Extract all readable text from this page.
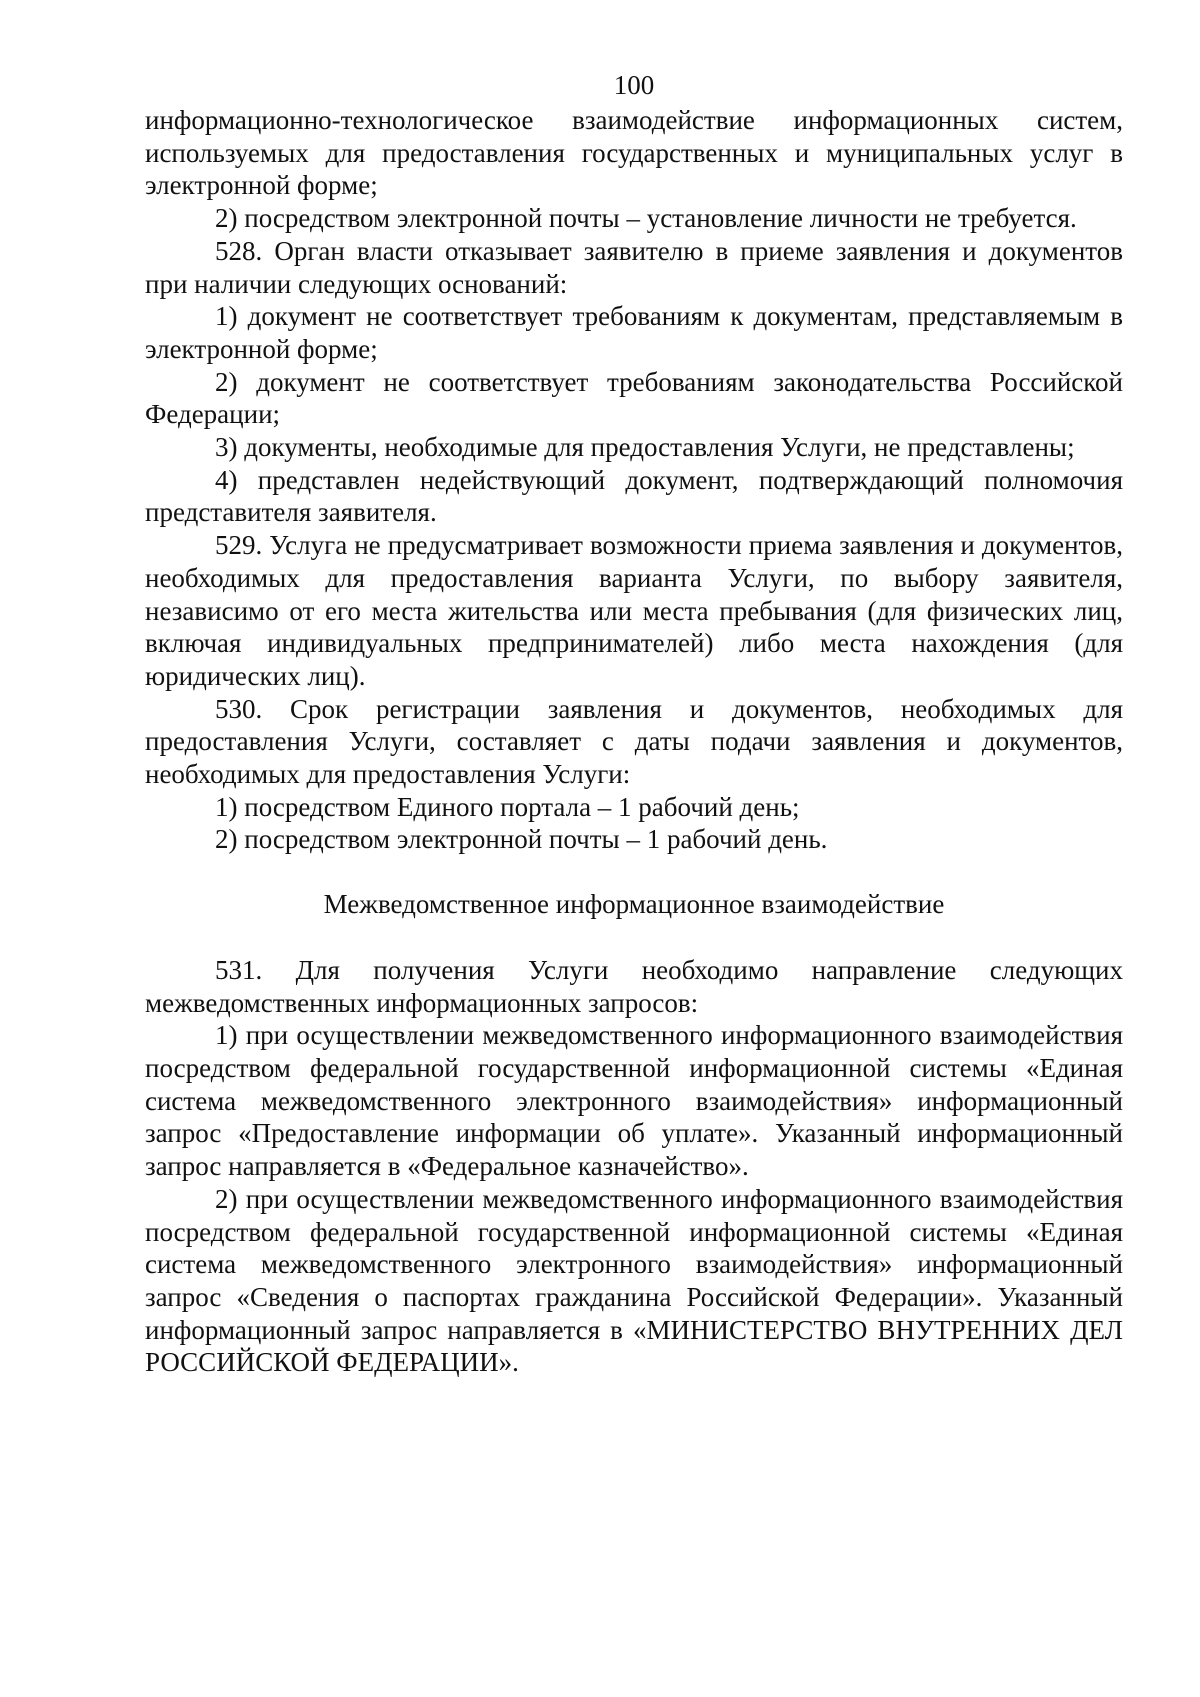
100

информационно-технологическое взаимодействие информационных систем, используемых для предоставления государственных и муниципальных услуг в электронной форме;

2) посредством электронной почты – установление личности не требуется.

528. Орган власти отказывает заявителю в приеме заявления и документов при наличии следующих оснований:

1) документ не соответствует требованиям к документам, представляемым в электронной форме;

2) документ не соответствует требованиям законодательства Российской Федерации;

3) документы, необходимые для предоставления Услуги, не представлены;

4) представлен недействующий документ, подтверждающий полномочия представителя заявителя.

529. Услуга не предусматривает возможности приема заявления и документов, необходимых для предоставления варианта Услуги, по выбору заявителя, независимо от его места жительства или места пребывания (для физических лиц, включая индивидуальных предпринимателей) либо места нахождения (для юридических лиц).

530. Срок регистрации заявления и документов, необходимых для предоставления Услуги, составляет с даты подачи заявления и документов, необходимых для предоставления Услуги:

1) посредством Единого портала – 1 рабочий день;

2) посредством электронной почты – 1 рабочий день.

Межведомственное информационное взаимодействие

531. Для получения Услуги необходимо направление следующих межведомственных информационных запросов:

1) при осуществлении межведомственного информационного взаимодействия посредством федеральной государственной информационной системы «Единая система межведомственного электронного взаимодействия» информационный запрос «Предоставление информации об уплате». Указанный информационный запрос направляется в «Федеральное казначейство».

2) при осуществлении межведомственного информационного взаимодействия посредством федеральной государственной информационной системы «Единая система межведомственного электронного взаимодействия» информационный запрос «Сведения о паспортах гражданина Российской Федерации». Указанный информационный запрос направляется в «МИНИСТЕРСТВО ВНУТРЕННИХ ДЕЛ РОССИЙСКОЙ ФЕДЕРАЦИИ».
